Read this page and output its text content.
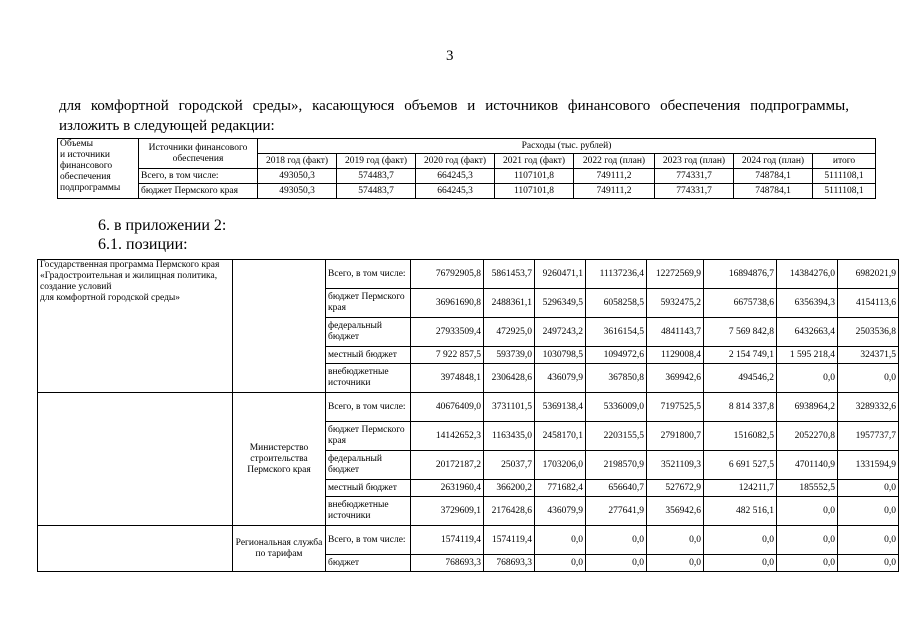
3
для комфортной городской среды», касающуюся объемов и источников финансового обеспечения подпрограммы,
изложить в следующей редакции:
Объемы
и источники
финансового
обеспечения
подпрограммы	Источники финансового
обеспечения	Расходы (тыс. рублей)							
		2018 год (факт)	2019 год (факт)	2020 год (факт)	2021 год (факт)	2022 год (план)	2023 год (план)	2024 год (план)	итого
	Всего, в том числе:	493050,3	574483,7	664245,3	1107101,8	749111,2	774331,7	748784,1	5111108,1
	бюджет Пермского края	493050,3	574483,7	664245,3	1107101,8	749111,2	774331,7	748784,1	5111108,1
6. в приложении 2:
6.1. позиции:
Государственная программа Пермского края «Градостроительная и жилищная политика, создание условий
для комфортной городской среды»		Всего, в том числе:	76792905,8	5861453,7	9260471,1	11137236,4	12272569,9	16894876,7	14384276,0	6982021,9
		бюджет Пермского края	36961690,8	2488361,1	5296349,5	6058258,5	5932475,2	6675738,6	6356394,3	4154113,6
		федеральный бюджет	27933509,4	472925,0	2497243,2	3616154,5	4841143,7	7 569 842,8	6432663,4	2503536,8
		местный бюджет	7 922 857,5	593739,0	1030798,5	1094972,6	1129008,4	2 154 749,1	1 595 218,4	324371,5
		внебюджетные источники	3974848,1	2306428,6	436079,9	367850,8	369942,6	494546,2	0,0	0,0
	Министерство строительства Пермского края	Всего, в том числе:	40676409,0	3731101,5	5369138,4	5336009,0	7197525,5	8 814 337,8	6938964,2	3289332,6
		бюджет Пермского края	14142652,3	1163435,0	2458170,1	2203155,5	2791800,7	1516082,5	2052270,8	1957737,7
		федеральный бюджет	20172187,2	25037,7	1703206,0	2198570,9	3521109,3	6 691 527,5	4701140,9	1331594,9
		местный бюджет	2631960,4	366200,2	771682,4	656640,7	527672,9	124211,7	185552,5	0,0
		внебюджетные источники	3729609,1	2176428,6	436079,9	277641,9	356942,6	482 516,1	0,0	0,0
	Региональная служба
по тарифам	Всего, в том числе:	1574119,4	1574119,4	0,0	0,0	0,0	0,0	0,0	0,0
		бюджет	768693,3	768693,3	0,0	0,0	0,0	0,0	0,0	0,0
